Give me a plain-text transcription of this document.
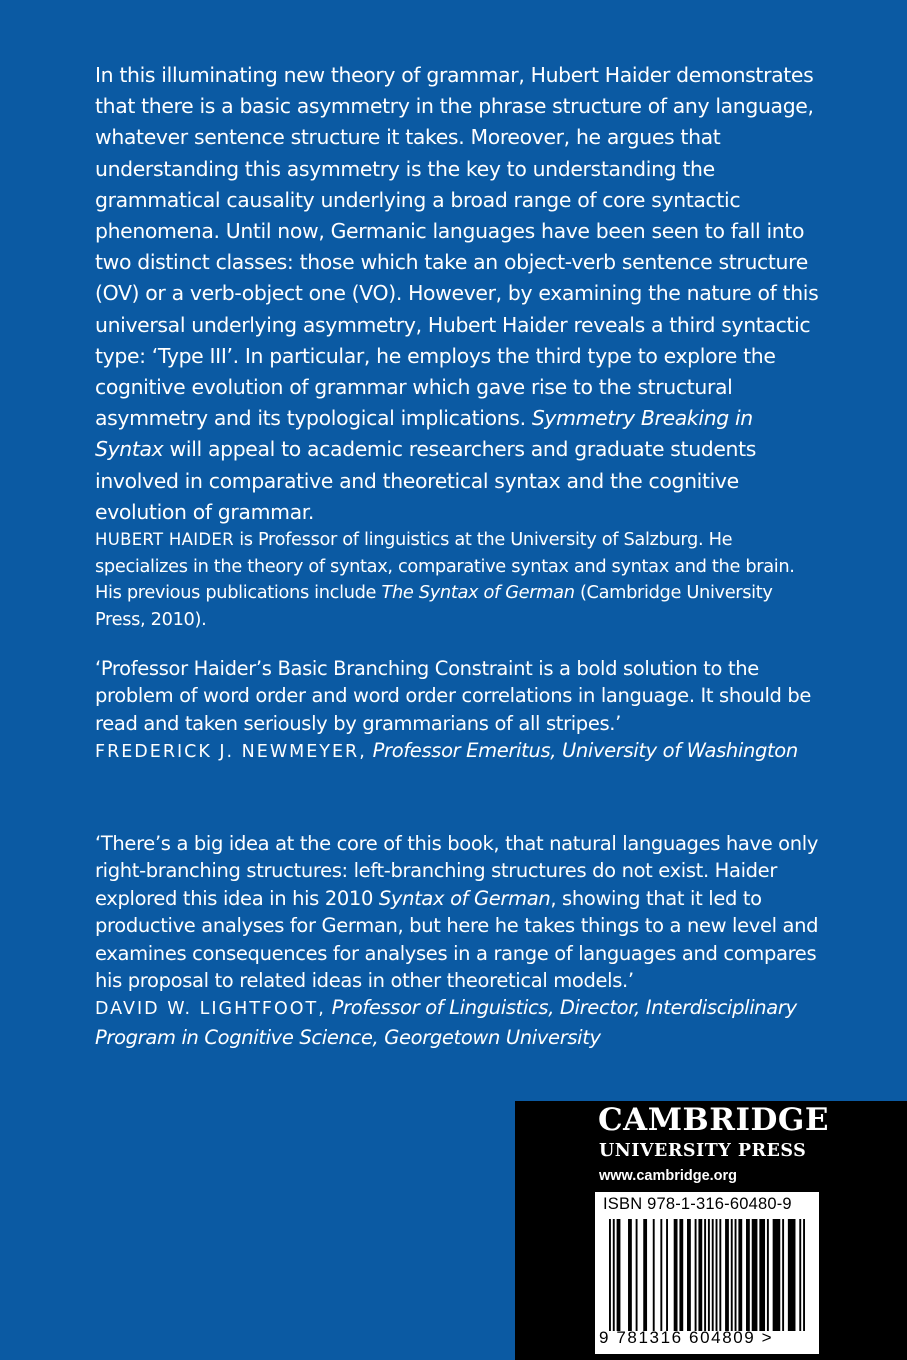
In this illuminating new theory of grammar, Hubert Haider demonstrates that there is a basic asymmetry in the phrase structure of any language, whatever sentence structure it takes. Moreover, he argues that understanding this asymmetry is the key to understanding the grammatical causality underlying a broad range of core syntactic phenomena. Until now, Germanic languages have been seen to fall into two distinct classes: those which take an object-verb sentence structure (OV) or a verb-object one (VO). However, by examining the nature of this universal underlying asymmetry, Hubert Haider reveals a third syntactic type: ‘Type III’. In particular, he employs the third type to explore the cognitive evolution of grammar which gave rise to the structural asymmetry and its typological implications. Symmetry Breaking in Syntax will appeal to academic researchers and graduate students involved in comparative and theoretical syntax and the cognitive evolution of grammar.

HUBERT HAIDER is Professor of linguistics at the University of Salzburg. He specializes in the theory of syntax, comparative syntax and syntax and the brain. His previous publications include The Syntax of German (Cambridge University Press, 2010).

‘Professor Haider’s Basic Branching Constraint is a bold solution to the problem of word order and word order correlations in language. It should be read and taken seriously by grammarians of all stripes.’
FREDERICK J. NEWMEYER, Professor Emeritus, University of Washington

‘There’s a big idea at the core of this book, that natural languages have only right-branching structures: left-branching structures do not exist. Haider explored this idea in his 2010 Syntax of German, showing that it led to productive analyses for German, but here he takes things to a new level and examines consequences for analyses in a range of languages and compares his proposal to related ideas in other theoretical models.’
DAVID W. LIGHTFOOT, Professor of Linguistics, Director, Interdisciplinary Program in Cognitive Science, Georgetown University

CAMBRIDGE
UNIVERSITY PRESS
www.cambridge.org
ISBN 978-1-316-60480-9
9 781316 604809 >
